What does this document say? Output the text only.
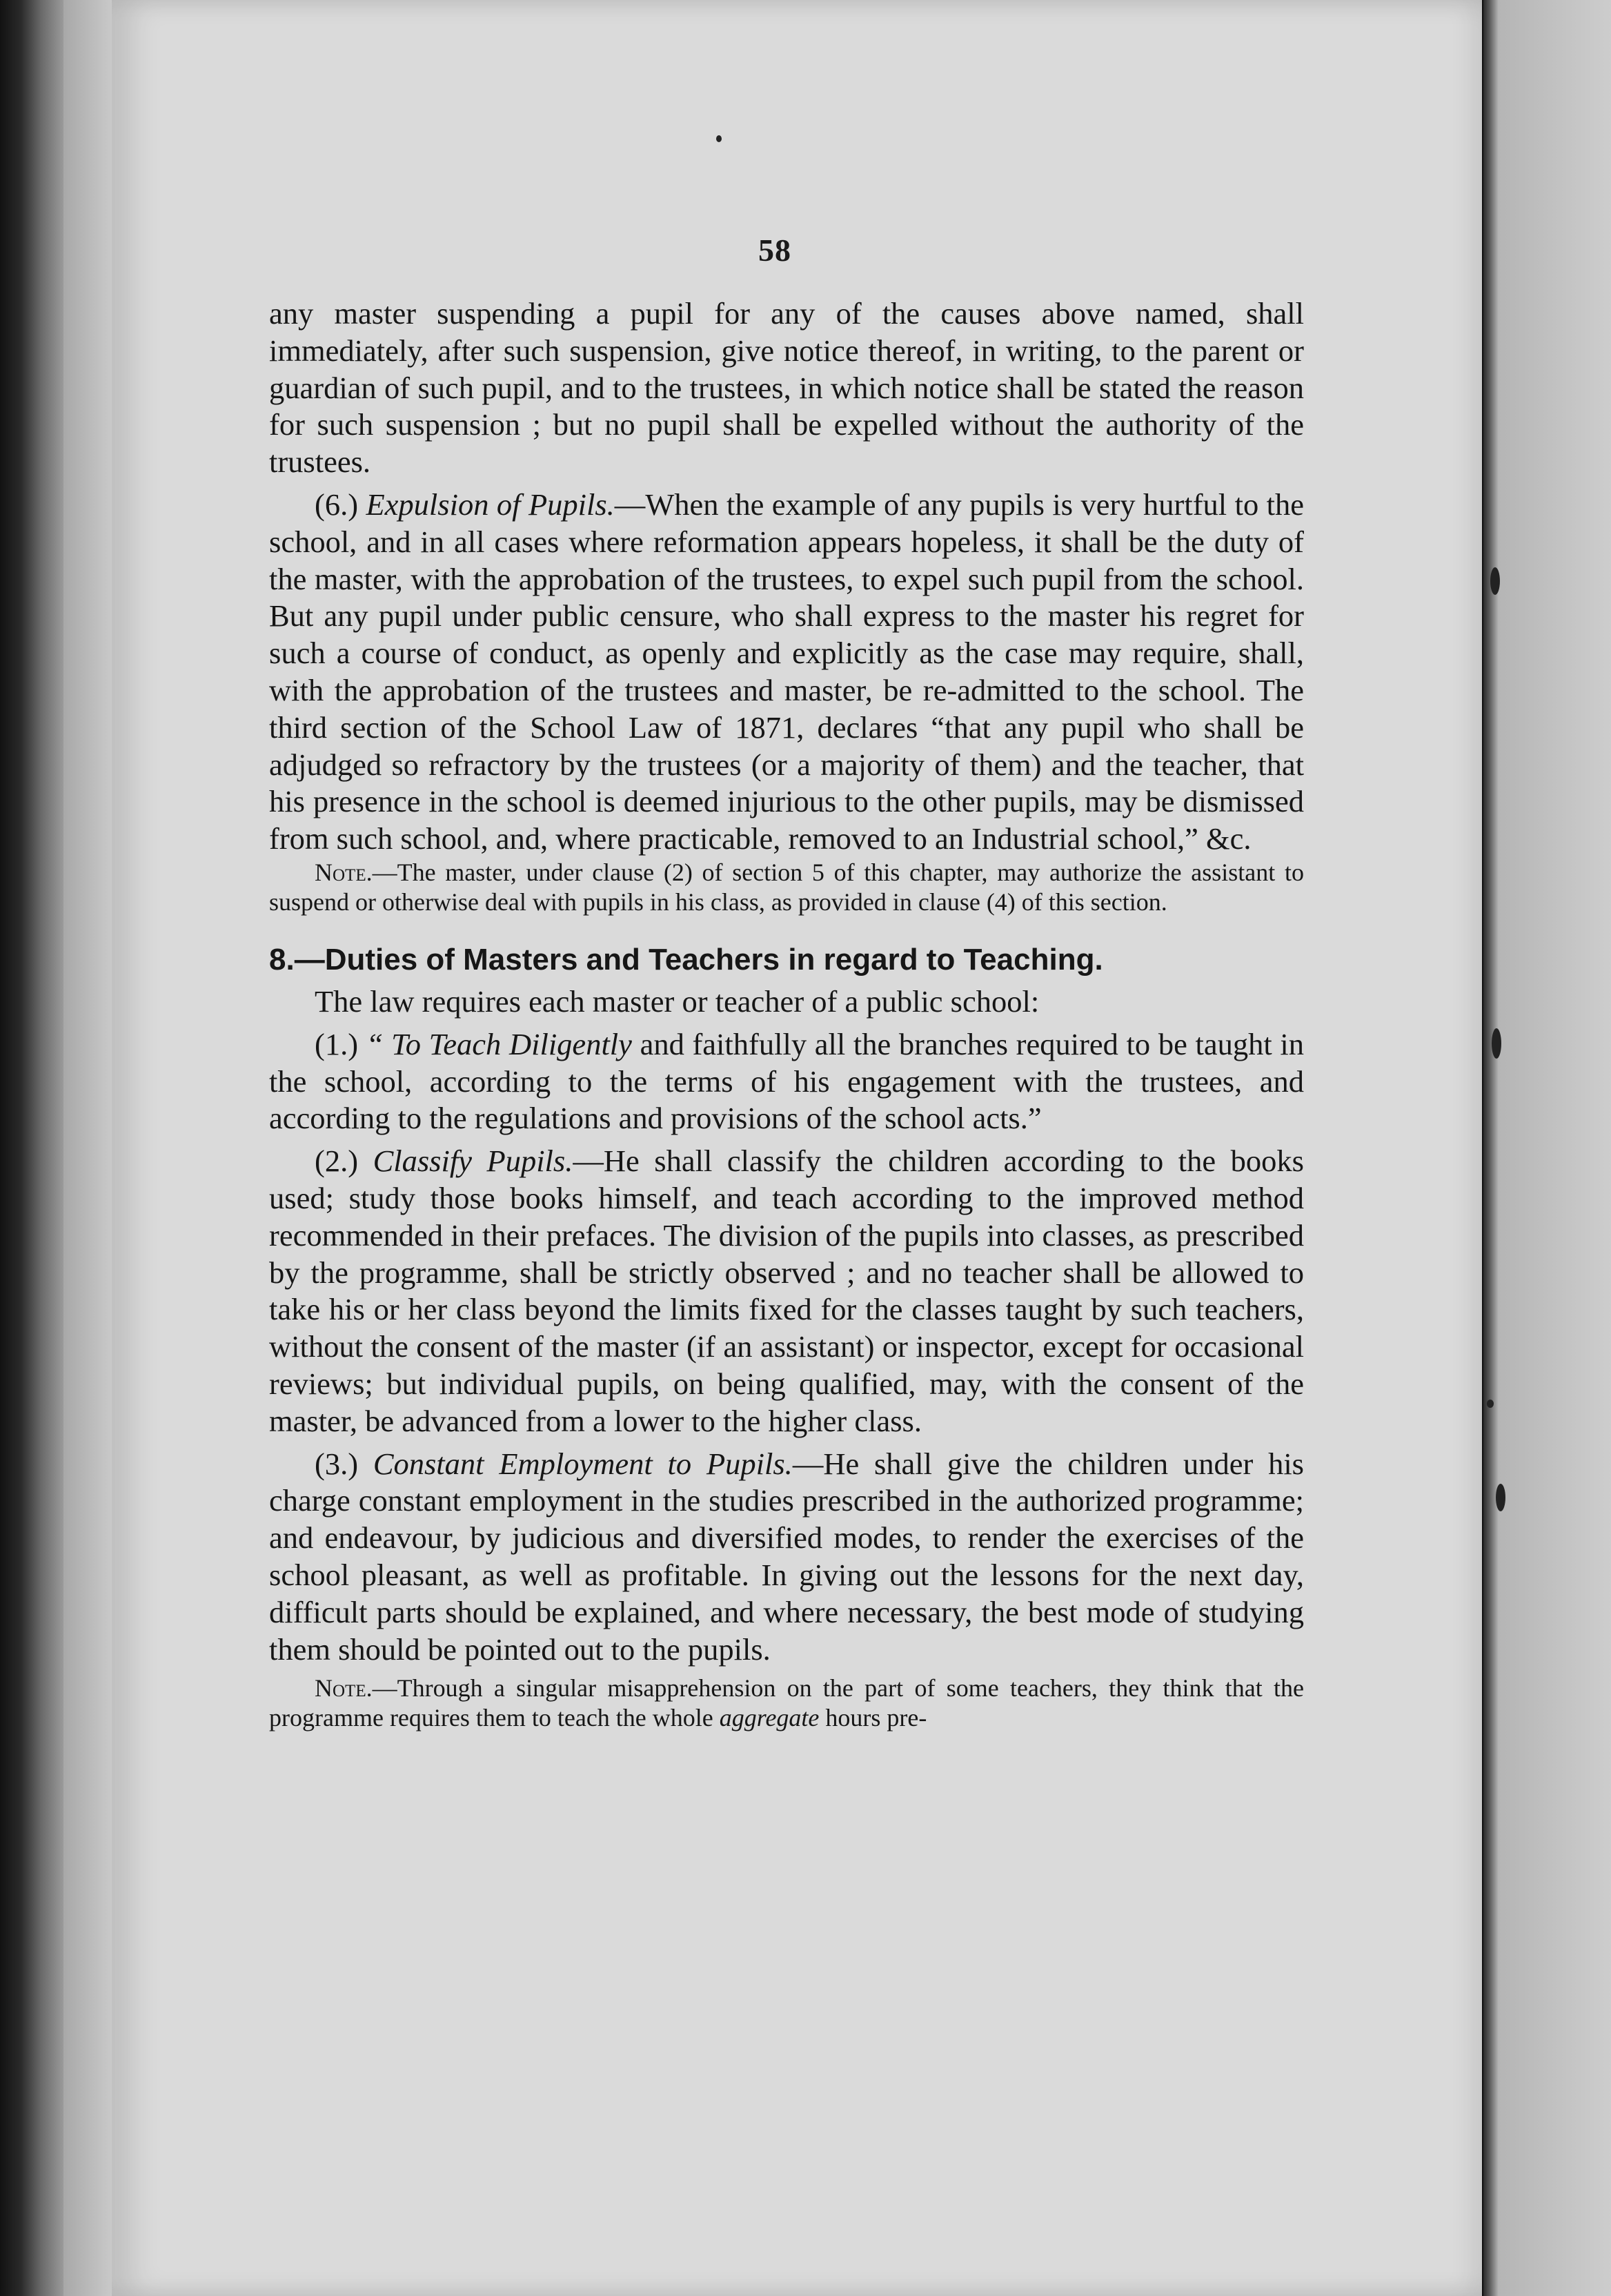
58

any master suspending a pupil for any of the causes above named, shall immediately, after such suspension, give notice thereof, in writing, to the parent or guardian of such pupil, and to the trustees, in which notice shall be stated the reason for such suspension ; but no pupil shall be expelled without the authority of the trustees.

(6.) Expulsion of Pupils.—When the example of any pupils is very hurtful to the school, and in all cases where reformation appears hopeless, it shall be the duty of the master, with the approbation of the trustees, to expel such pupil from the school. But any pupil under public censure, who shall express to the master his regret for such a course of conduct, as openly and explicitly as the case may require, shall, with the approbation of the trustees and master, be re-admitted to the school. The third section of the School Law of 1871, declares “that any pupil who shall be adjudged so refractory by the trustees (or a majority of them) and the teacher, that his presence in the school is deemed injurious to the other pupils, may be dismissed from such school, and, where practicable, removed to an Industrial school,” &c.

Note.—The master, under clause (2) of section 5 of this chapter, may authorize the assistant to suspend or otherwise deal with pupils in his class, as provided in clause (4) of this section.

8.—Duties of Masters and Teachers in regard to Teaching.

The law requires each master or teacher of a public school:

(1.) “ To Teach Diligently and faithfully all the branches required to be taught in the school, according to the terms of his engagement with the trustees, and according to the regulations and provisions of the school acts.”

(2.) Classify Pupils.—He shall classify the children according to the books used; study those books himself, and teach according to the improved method recommended in their prefaces. The division of the pupils into classes, as prescribed by the programme, shall be strictly observed ; and no teacher shall be allowed to take his or her class beyond the limits fixed for the classes taught by such teachers, without the consent of the master (if an assistant) or inspector, except for occasional reviews; but individual pupils, on being qualified, may, with the consent of the master, be advanced from a lower to the higher class.

(3.) Constant Employment to Pupils.—He shall give the children under his charge constant employment in the studies prescribed in the authorized programme; and endeavour, by judicious and diversified modes, to render the exercises of the school pleasant, as well as profitable. In giving out the lessons for the next day, difficult parts should be explained, and where necessary, the best mode of studying them should be pointed out to the pupils.

Note.—Through a singular misapprehension on the part of some teachers, they think that the programme requires them to teach the whole aggregate hours pre-
